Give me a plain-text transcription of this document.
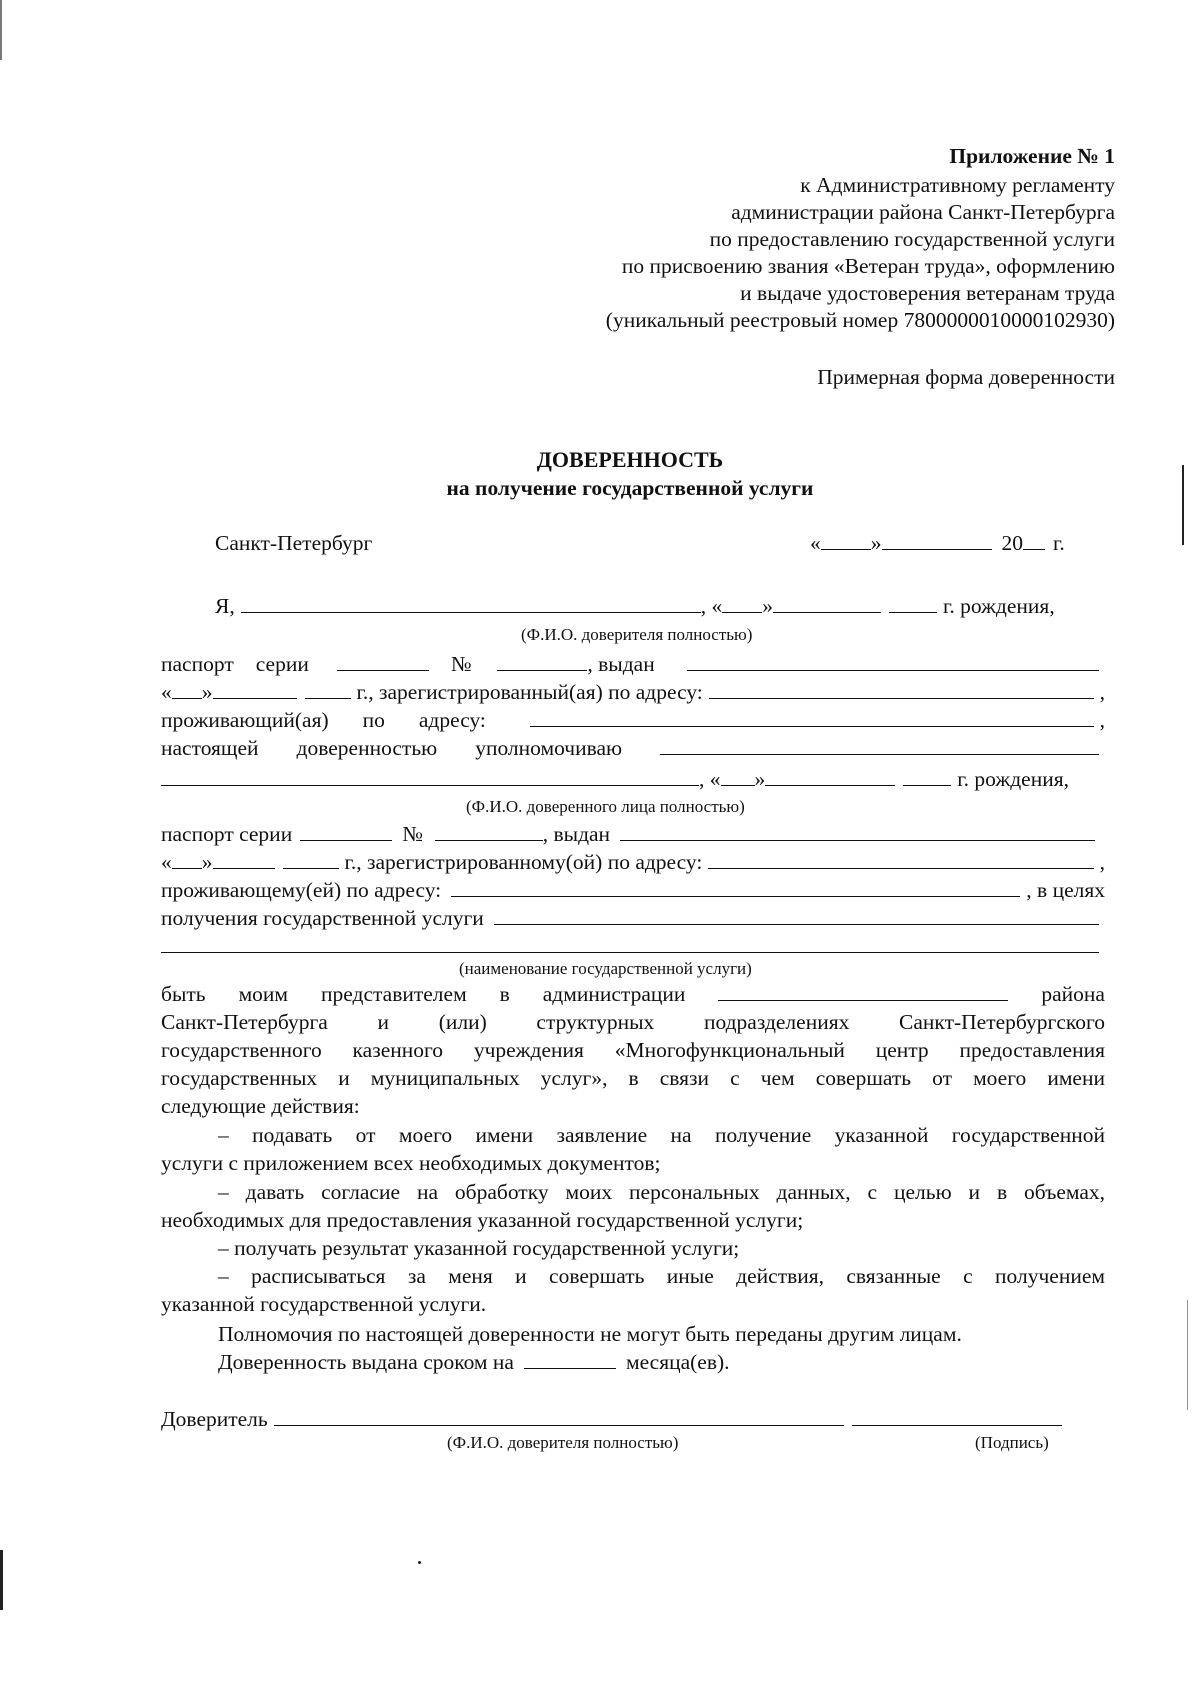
Приложение № 1
к Административному регламенту
администрации района Санкт-Петербурга
по предоставлению государственной услуги
по присвоению звания «Ветеран труда», оформлению
и выдаче удостоверения ветеранам труда
(уникальный реестровый номер 7800000010000102930)
Примерная форма доверенности
ДОВЕРЕННОСТЬ
на получение государственной услуги
Санкт-Петербург	« »	20 г.
Я,	, « »	г. рождения,
(Ф.И.О. доверителя полностью)
паспорт серии	№	, выдан
« »	г., зарегистрированный(ая) по адресу:	,
проживающий(ая) по адресу:	,
настоящей доверенностью уполномочиваю
, « »	г. рождения,
(Ф.И.О. доверенного лица полностью)
паспорт серии	№	, выдан
« »	г., зарегистрированному(ой) по адресу:	,
проживающему(ей) по адресу:	, в целях
получения государственной услуги
(наименование государственной услуги)
быть моим представителем в администрации	района
Санкт-Петербурга и (или) структурных подразделениях Санкт-Петербургского
государственного казенного учреждения «Многофункциональный центр предоставления
государственных и муниципальных услуг», в связи с чем совершать от моего имени
следующие действия:
– подавать от моего имени заявление на получение указанной государственной
услуги с приложением всех необходимых документов;
– давать согласие на обработку моих персональных данных, с целью и в объемах,
необходимых для предоставления указанной государственной услуги;
– получать результат указанной государственной услуги;
– расписываться за меня и совершать иные действия, связанные с получением
указанной государственной услуги.
Полномочия по настоящей доверенности не могут быть переданы другим лицам.
Доверенность выдана сроком на	месяца(ев).
Доверитель
(Ф.И.О. доверителя полностью)	(Подпись)
